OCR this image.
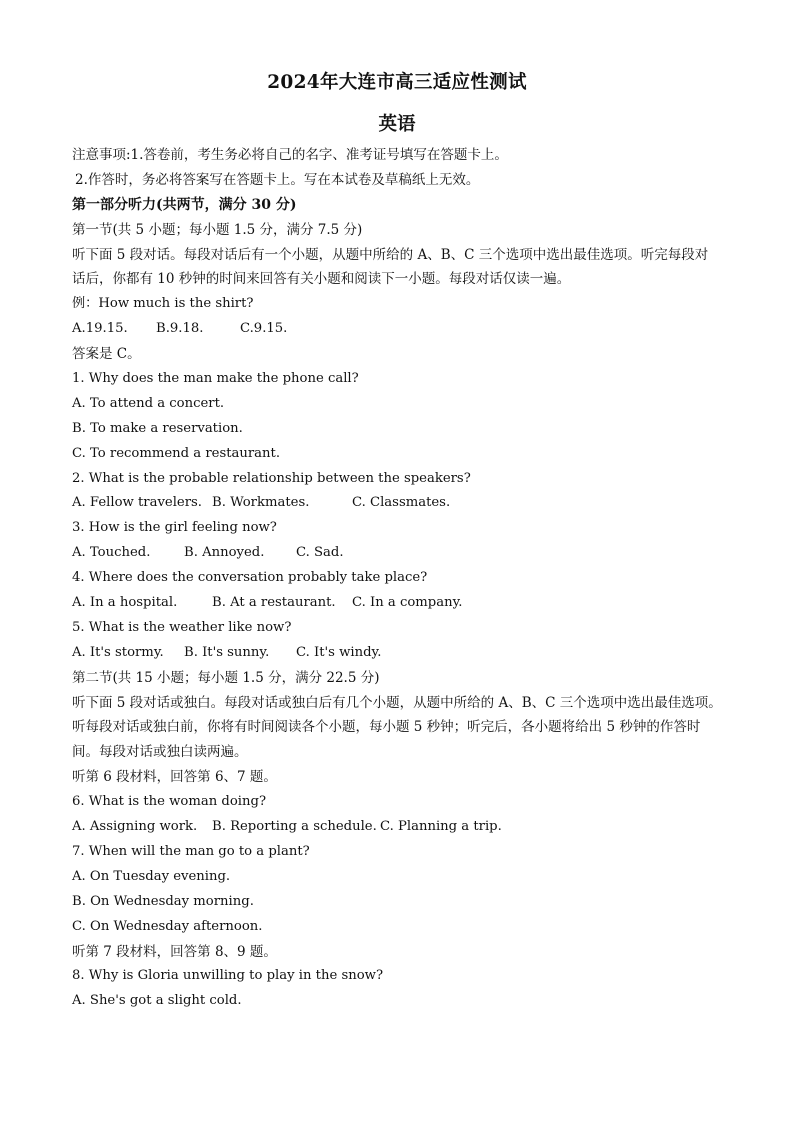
2024年大连市高三适应性测试
英语
注意事项:1.答卷前，考生务必将自己的名字、准考证号填写在答题卡上。
2.作答时，务必将答案写在答题卡上。写在本试卷及草稿纸上无效。
第一部分听力(共两节，满分 30 分)
第一节(共 5 小题；每小题 1.5 分，满分 7.5 分)
听下面 5 段对话。每段对话后有一个小题，从题中所给的 A、B、C 三个选项中选出最佳选项。听完每段对
话后，你都有 10 秒钟的时间来回答有关小题和阅读下一小题。每段对话仅读一遍。
例：How much is the shirt?
A.19.15. B.9.18.	C.9.15.
答案是 C。
1. Why does the man make the phone call?
A. To attend a concert.
B. To make a reservation.
C. To recommend a restaurant.
2. What is the probable relationship between the speakers?
A. Fellow travelers. B. Workmates.	C. Classmates.
3. How is the girl feeling now?
A. Touched.	B. Annoyed. C. Sad.
4. Where does the conversation probably take place?
A. In a hospital.	B. At a restaurant. C. In a company.
5. What is the weather like now?
A. It's stormy. B. It's sunny. C. It's windy.
第二节(共 15 小题；每小题 1.5 分，满分 22.5 分)
听下面 5 段对话或独白。每段对话或独白后有几个小题，从题中所给的 A、B、C 三个选项中选出最佳选项。
听每段对话或独白前，你将有时间阅读各个小题，每小题 5 秒钟；听完后，各小题将给出 5 秒钟的作答时
间。每段对话或独白读两遍。
听第 6 段材料，回答第 6、7 题。
6. What is the woman doing?
A. Assigning work. B. Reporting a schedule. C. Planning a trip.
7. When will the man go to a plant?
A. On Tuesday evening.
B. On Wednesday morning.
C. On Wednesday afternoon.
听第 7 段材料，回答第 8、9 题。
8. Why is Gloria unwilling to play in the snow?
A. She's got a slight cold.
